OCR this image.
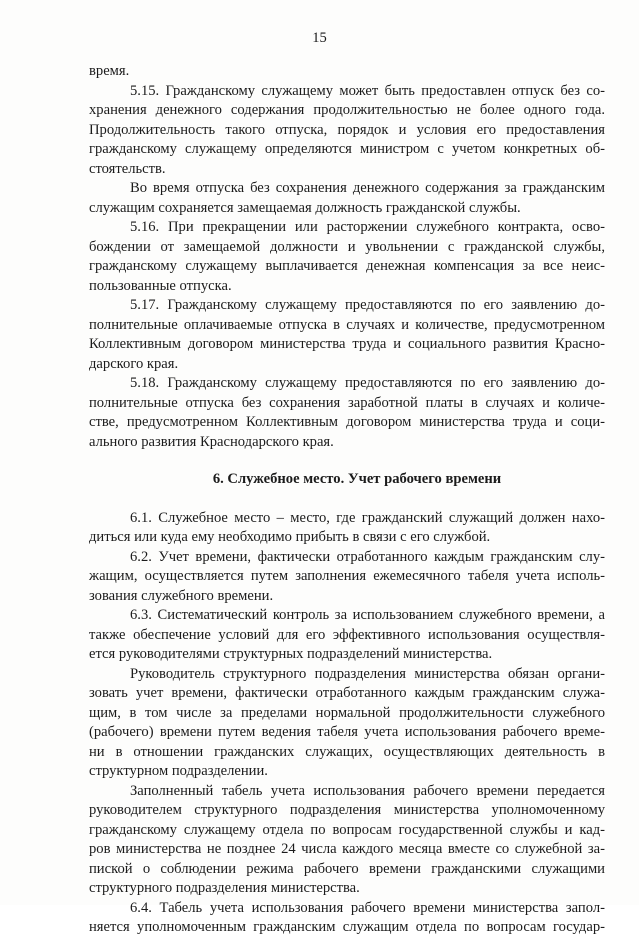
15
время.
5.15. Гражданскому служащему может быть предоставлен отпуск без со-
хранения денежного содержания продолжительностью не более одного года.
Продолжительность такого отпуска, порядок и условия его предоставления
гражданскому служащему определяются министром с учетом конкретных об-
стоятельств.
Во время отпуска без сохранения денежного содержания за гражданским
служащим сохраняется замещаемая должность гражданской службы.
5.16. При прекращении или расторжении служебного контракта, осво-
бождении от замещаемой должности и увольнении с гражданской службы,
гражданскому служащему выплачивается денежная компенсация за все неис-
пользованные отпуска.
5.17. Гражданскому служащему предоставляются по его заявлению до-
полнительные оплачиваемые отпуска в случаях и количестве, предусмотренном
Коллективным договором министерства труда и социального развития Красно-
дарского края.
5.18. Гражданскому служащему предоставляются по его заявлению до-
полнительные отпуска без сохранения заработной платы в случаях и количе-
стве, предусмотренном Коллективным договором министерства труда и соци-
ального развития Краснодарского края.
6. Служебное место. Учет рабочего времени
6.1. Служебное место – место, где гражданский служащий должен нахо-
диться или куда ему необходимо прибыть в связи с его службой.
6.2. Учет времени, фактически отработанного каждым гражданским слу-
жащим, осуществляется путем заполнения ежемесячного табеля учета исполь-
зования служебного времени.
6.3. Систематический контроль за использованием служебного времени, а
также обеспечение условий для его эффективного использования осуществля-
ется руководителями структурных подразделений министерства.
Руководитель структурного подразделения министерства обязан органи-
зовать учет времени, фактически отработанного каждым гражданским служа-
щим, в том числе за пределами нормальной продолжительности служебного
(рабочего) времени путем ведения табеля учета использования рабочего време-
ни в отношении гражданских служащих, осуществляющих деятельность в
структурном подразделении.
Заполненный табель учета использования рабочего времени передается
руководителем структурного подразделения министерства уполномоченному
гражданскому служащему отдела по вопросам государственной службы и кад-
ров министерства не позднее 24 числа каждого месяца вместе со служебной за-
пиской о соблюдении режима рабочего времени гражданскими служащими
структурного подразделения министерства.
6.4. Табель учета использования рабочего времени министерства запол-
няется уполномоченным гражданским служащим отдела по вопросам государ-
